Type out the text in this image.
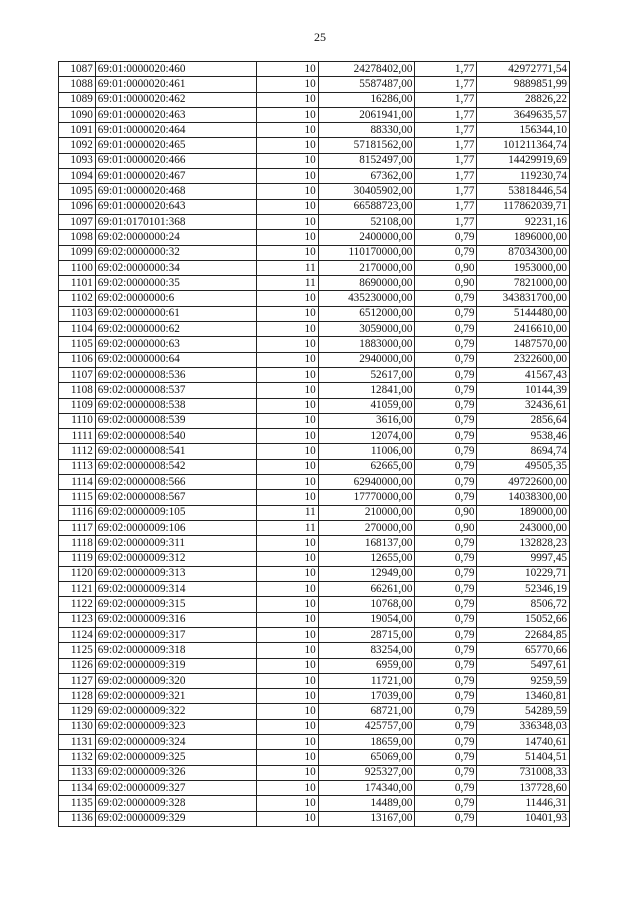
25
1087	69:01:0000020:460	10	24278402,00	1,77	42972771,54
1088	69:01:0000020:461	10	5587487,00	1,77	9889851,99
1089	69:01:0000020:462	10	16286,00	1,77	28826,22
1090	69:01:0000020:463	10	2061941,00	1,77	3649635,57
1091	69:01:0000020:464	10	88330,00	1,77	156344,10
1092	69:01:0000020:465	10	57181562,00	1,77	101211364,74
1093	69:01:0000020:466	10	8152497,00	1,77	14429919,69
1094	69:01:0000020:467	10	67362,00	1,77	119230,74
1095	69:01:0000020:468	10	30405902,00	1,77	53818446,54
1096	69:01:0000020:643	10	66588723,00	1,77	117862039,71
1097	69:01:0170101:368	10	52108,00	1,77	92231,16
1098	69:02:0000000:24	10	2400000,00	0,79	1896000,00
1099	69:02:0000000:32	10	110170000,00	0,79	87034300,00
1100	69:02:0000000:34	11	2170000,00	0,90	1953000,00
1101	69:02:0000000:35	11	8690000,00	0,90	7821000,00
1102	69:02:0000000:6	10	435230000,00	0,79	343831700,00
1103	69:02:0000000:61	10	6512000,00	0,79	5144480,00
1104	69:02:0000000:62	10	3059000,00	0,79	2416610,00
1105	69:02:0000000:63	10	1883000,00	0,79	1487570,00
1106	69:02:0000000:64	10	2940000,00	0,79	2322600,00
1107	69:02:0000008:536	10	52617,00	0,79	41567,43
1108	69:02:0000008:537	10	12841,00	0,79	10144,39
1109	69:02:0000008:538	10	41059,00	0,79	32436,61
1110	69:02:0000008:539	10	3616,00	0,79	2856,64
1111	69:02:0000008:540	10	12074,00	0,79	9538,46
1112	69:02:0000008:541	10	11006,00	0,79	8694,74
1113	69:02:0000008:542	10	62665,00	0,79	49505,35
1114	69:02:0000008:566	10	62940000,00	0,79	49722600,00
1115	69:02:0000008:567	10	17770000,00	0,79	14038300,00
1116	69:02:0000009:105	11	210000,00	0,90	189000,00
1117	69:02:0000009:106	11	270000,00	0,90	243000,00
1118	69:02:0000009:311	10	168137,00	0,79	132828,23
1119	69:02:0000009:312	10	12655,00	0,79	9997,45
1120	69:02:0000009:313	10	12949,00	0,79	10229,71
1121	69:02:0000009:314	10	66261,00	0,79	52346,19
1122	69:02:0000009:315	10	10768,00	0,79	8506,72
1123	69:02:0000009:316	10	19054,00	0,79	15052,66
1124	69:02:0000009:317	10	28715,00	0,79	22684,85
1125	69:02:0000009:318	10	83254,00	0,79	65770,66
1126	69:02:0000009:319	10	6959,00	0,79	5497,61
1127	69:02:0000009:320	10	11721,00	0,79	9259,59
1128	69:02:0000009:321	10	17039,00	0,79	13460,81
1129	69:02:0000009:322	10	68721,00	0,79	54289,59
1130	69:02:0000009:323	10	425757,00	0,79	336348,03
1131	69:02:0000009:324	10	18659,00	0,79	14740,61
1132	69:02:0000009:325	10	65069,00	0,79	51404,51
1133	69:02:0000009:326	10	925327,00	0,79	731008,33
1134	69:02:0000009:327	10	174340,00	0,79	137728,60
1135	69:02:0000009:328	10	14489,00	0,79	11446,31
1136	69:02:0000009:329	10	13167,00	0,79	10401,93
